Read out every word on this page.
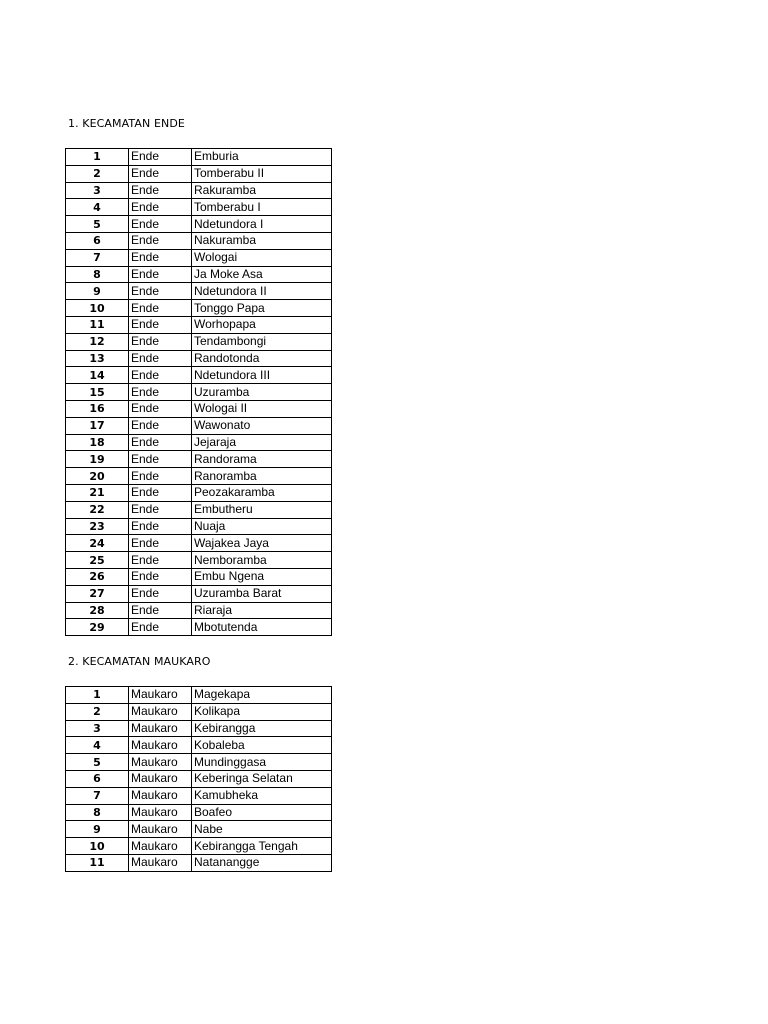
1. KECAMATAN ENDE
1	Ende	Emburia
2	Ende	Tomberabu II
3	Ende	Rakuramba
4	Ende	Tomberabu I
5	Ende	Ndetundora I
6	Ende	Nakuramba
7	Ende	Wologai
8	Ende	Ja Moke Asa
9	Ende	Ndetundora II
10	Ende	Tonggo Papa
11	Ende	Worhopapa
12	Ende	Tendambongi
13	Ende	Randotonda
14	Ende	Ndetundora III
15	Ende	Uzuramba
16	Ende	Wologai II
17	Ende	Wawonato
18	Ende	Jejaraja
19	Ende	Randorama
20	Ende	Ranoramba
21	Ende	Peozakaramba
22	Ende	Embutheru
23	Ende	Nuaja
24	Ende	Wajakea Jaya
25	Ende	Nemboramba
26	Ende	Embu Ngena
27	Ende	Uzuramba Barat
28	Ende	Riaraja
29	Ende	Mbotutenda
2. KECAMATAN MAUKARO
1	Maukaro	Magekapa
2	Maukaro	Kolikapa
3	Maukaro	Kebirangga
4	Maukaro	Kobaleba
5	Maukaro	Mundinggasa
6	Maukaro	Keberingа Selatan
7	Maukaro	Kamubheka
8	Maukaro	Boafeo
9	Maukaro	Nabe
10	Maukaro	Kebirangga Tengah
11	Maukaro	Natanangge
